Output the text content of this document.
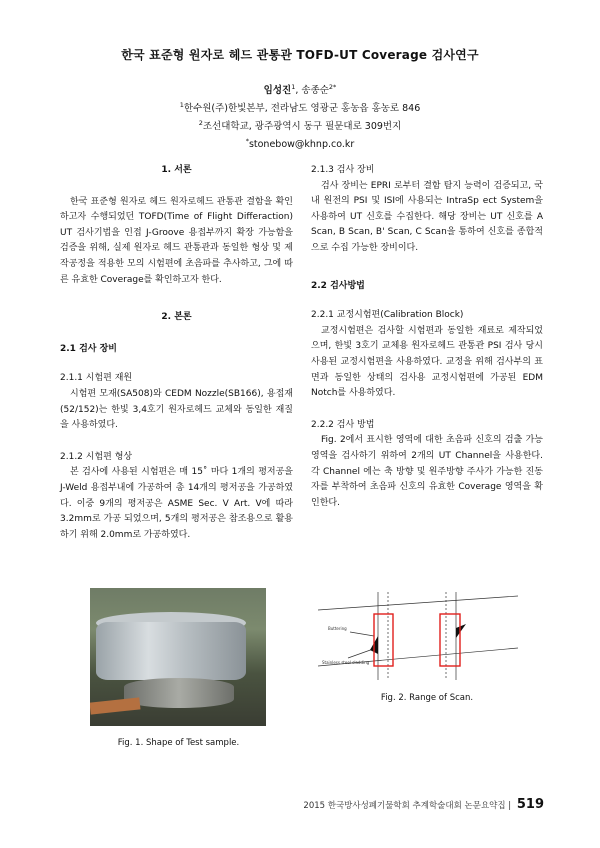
한국 표준형 원자로 헤드 관통관 TOFD-UT Coverage 검사연구
임성진$^1$, 송종순$^{2*}$
$^1$한수원(주)한빛본부, 전라남도 영광군 홍농읍 홍농로 846
$^2$조선대학교, 광주광역시 동구 필문대로 309번지
*stonebow@khnp.co.kr
1. 서론

한국 표준형 원자로 헤드 원자로헤드 관통관 결함을 확인하고자 수행되었던 TOFD(Time of Flight Differaction) UT 검사기법을 인접 J-Groove 용접부까지 확장 가능함을 검증을 위해, 실제 원자로 헤드 관통관과 동일한 형상 및 제작공정을 적용한 모의 시험편에 초음파를 추사하고, 그에 따른 유효한 Coverage를 확인하고자 한다.

2. 본론
2.1 검사 장비
2.1.1 시험편 재원

시험편 모재(SA508)와 CEDM Nozzle(SB166), 용접재(52/152)는 한빛 3,4호기 원자로헤드 교체와 동일한 재질을 사용하였다.

2.1.2 시험편 형상

본 검사에 사용된 시험편은 매 15˚ 마다 1개의 평저공을 J-Weld 용접부내에 가공하여 총 14개의 평저공을 가공하였다. 이중 9개의 평저공은 ASME Sec. V Art. V에 따라 3.2mm로 가공 되었으며, 5개의 평저공은 참조용으로 활용하기 위해 2.0mm로 가공하였다.

Fig. 1. Shape of Test sample.
2.1.3 검사 장비

검사 장비는 EPRI 로부터 결함 탐지 능력이 검증되고, 국내 원전의 PSI 및 ISI에 사용되는 IntraSp ect System을 사용하여 UT 신호를 수집한다. 해당 장비는 UT 신호를 A Scan, B Scan, B' Scan, C Scan을 통하여 신호를 종합적으로 수집 가능한 장비이다.

2.2 검사방법
2.2.1 교정시험편(Calibration Block)

교정시험편은 검사할 시험편과 동일한 재료로 제작되었으며, 한빛 3호기 교체용 원자로헤드 관통관 PSI 검사 당시 사용된 교정시험편을 사용하였다. 교정을 위해 검사부의 표면과 동일한 상태의 검사용 교정시험편에 가공된 EDM Notch를 사용하였다.

2.2.2 검사 방법

Fig. 2에서 표시한 영역에 대한 초음파 신호의 검출 가능 영역을 검사하기 위하여 2개의 UT Channel을 사용한다. 각 Channel 에는 축 방향 및 원주방향 주사가 가능한 진동자를 부착하여 초음파 신호의 유효한 Coverage 영역을 확인한다.

Buttering
Stainless steel cladding
Fig. 2. Range of Scan.
2015 한국방사성폐기물학회 추계학술대회 논문요약집 | 519
